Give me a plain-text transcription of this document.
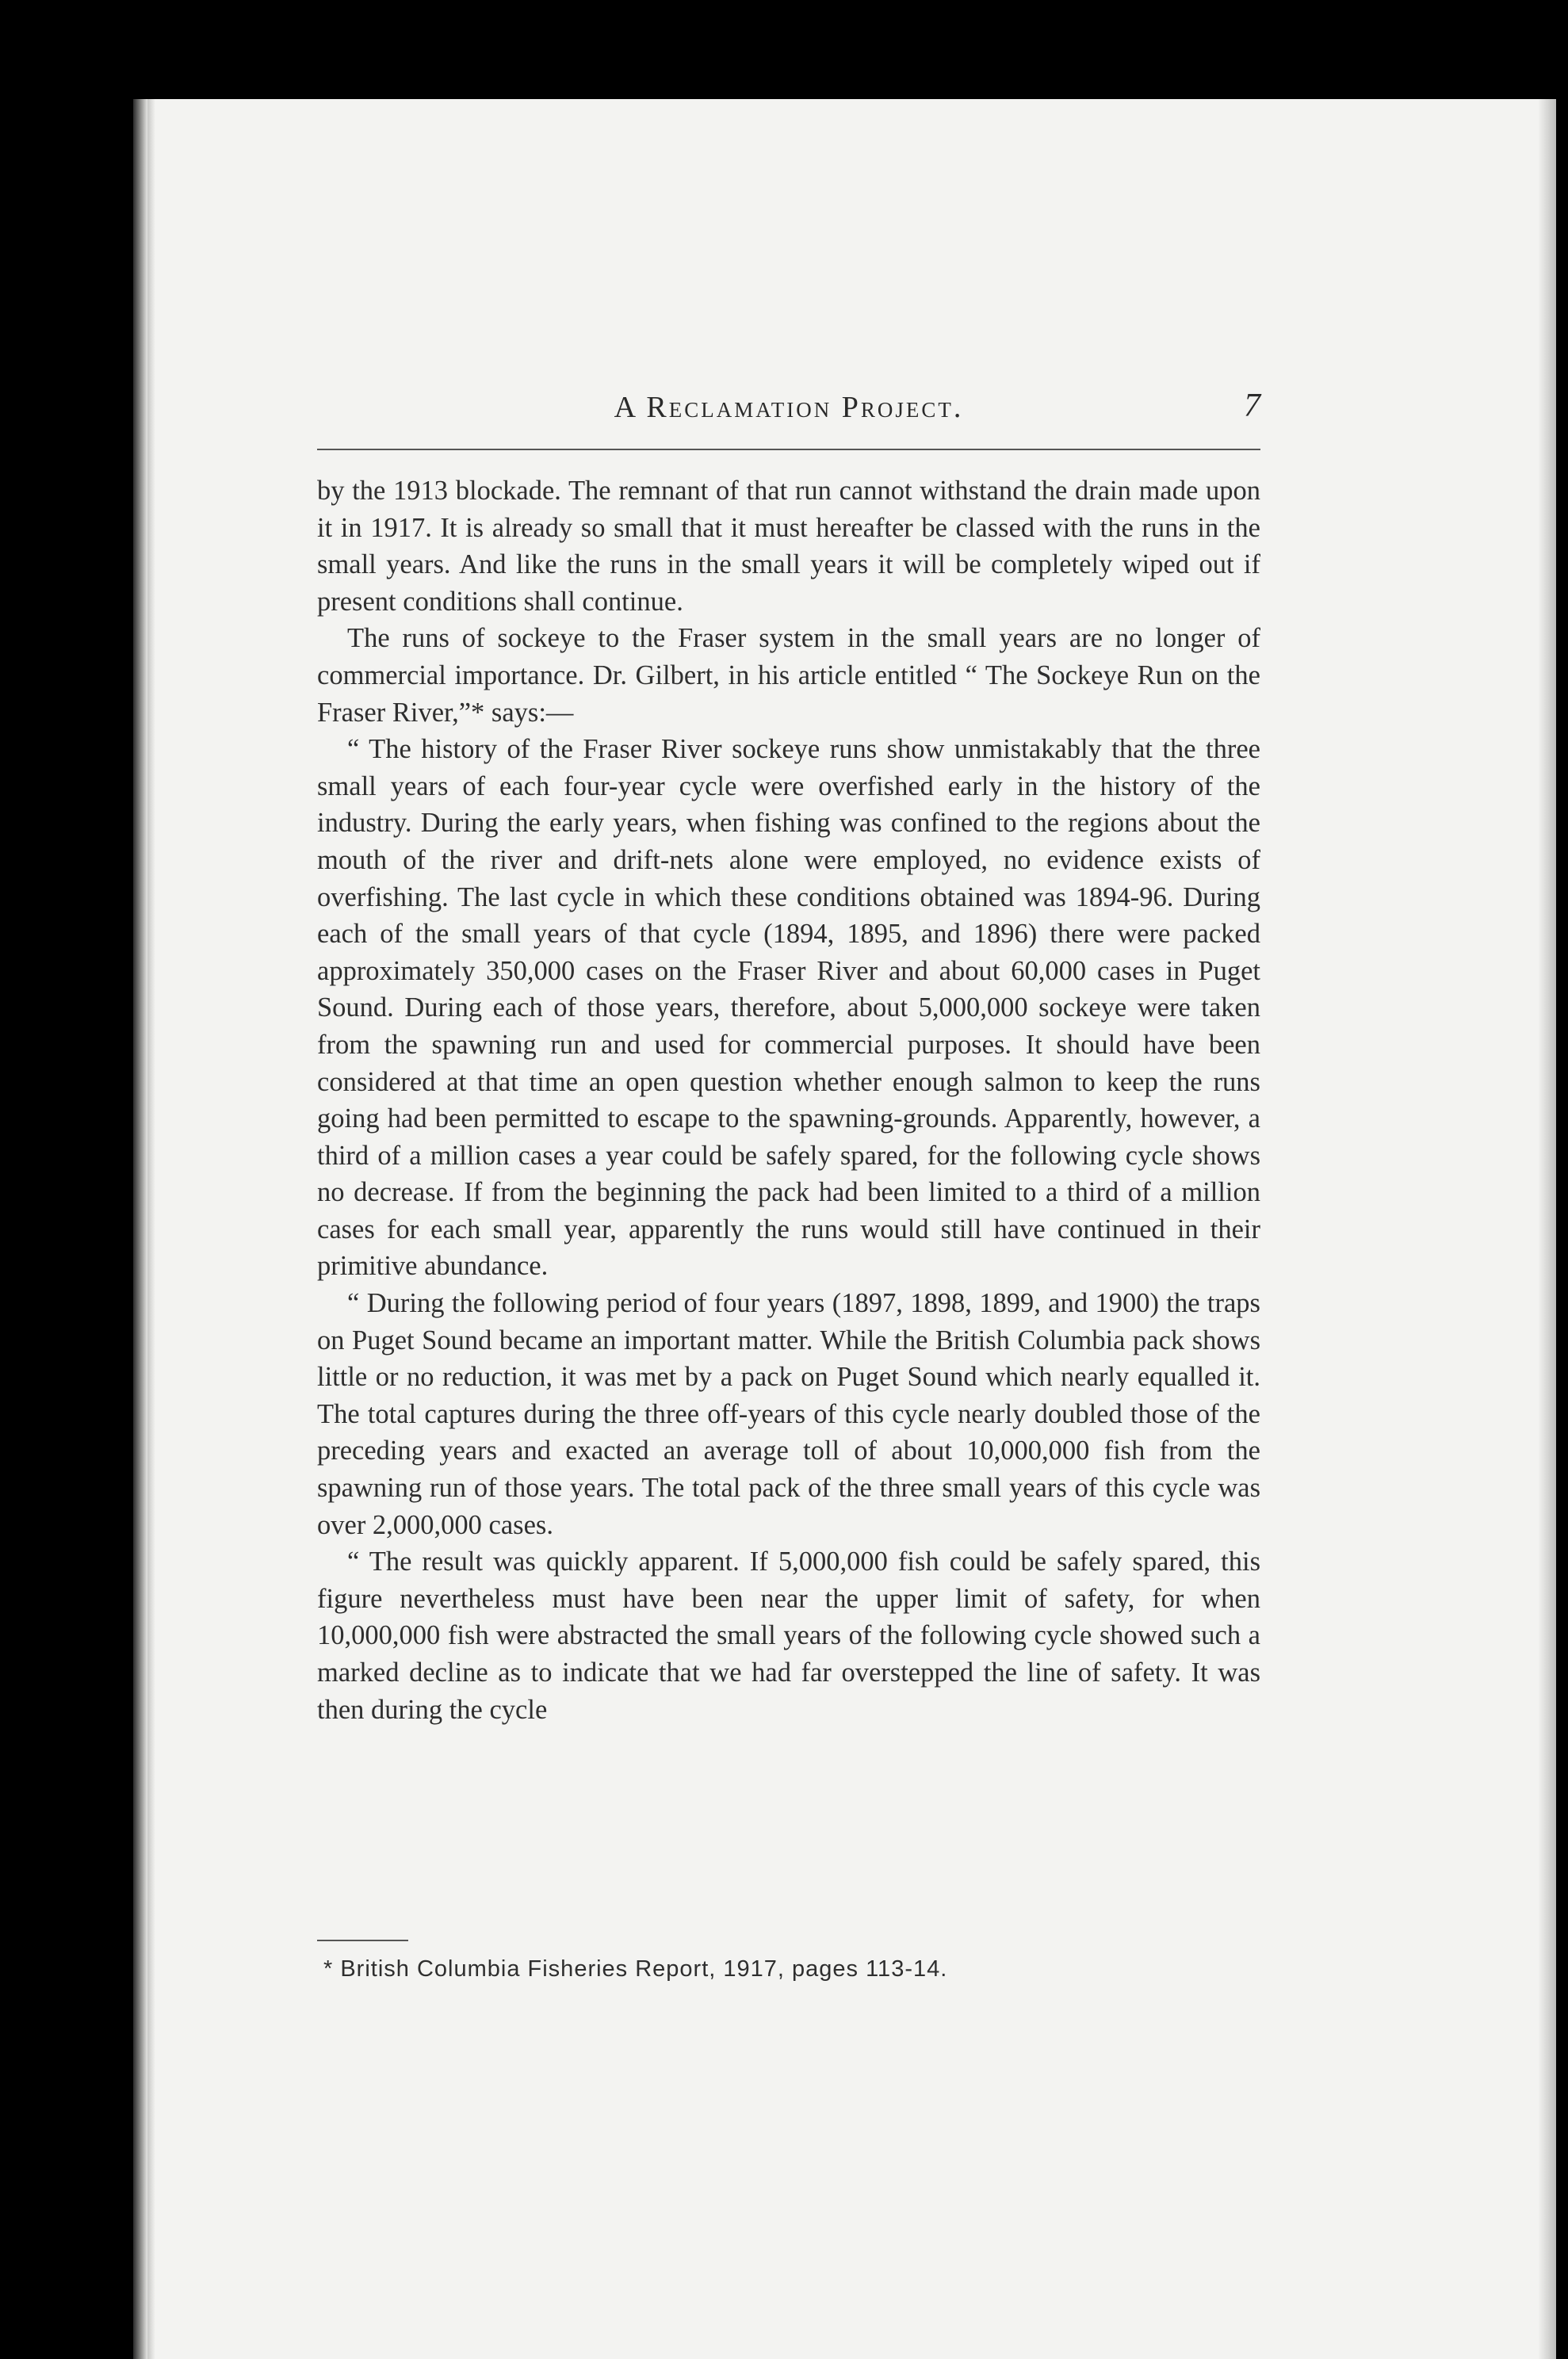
A Reclamation Project.	7

by the 1913 blockade. The remnant of that run cannot withstand the drain made upon it in 1917. It is already so small that it must hereafter be classed with the runs in the small years. And like the runs in the small years it will be completely wiped out if present conditions shall continue.

The runs of sockeye to the Fraser system in the small years are no longer of commercial importance. Dr. Gilbert, in his article entitled “ The Sockeye Run on the Fraser River,”* says:—

“ The history of the Fraser River sockeye runs show unmistakably that the three small years of each four-year cycle were overfished early in the history of the industry. During the early years, when fishing was confined to the regions about the mouth of the river and drift-nets alone were employed, no evidence exists of overfishing. The last cycle in which these conditions obtained was 1894-96. During each of the small years of that cycle (1894, 1895, and 1896) there were packed approximately 350,000 cases on the Fraser River and about 60,000 cases in Puget Sound. During each of those years, therefore, about 5,000,000 sockeye were taken from the spawning run and used for commercial purposes. It should have been considered at that time an open question whether enough salmon to keep the runs going had been permitted to escape to the spawning-grounds. Apparently, however, a third of a million cases a year could be safely spared, for the following cycle shows no decrease. If from the beginning the pack had been limited to a third of a million cases for each small year, apparently the runs would still have continued in their primitive abundance.

“ During the following period of four years (1897, 1898, 1899, and 1900) the traps on Puget Sound became an important matter. While the British Columbia pack shows little or no reduction, it was met by a pack on Puget Sound which nearly equalled it. The total captures during the three off-years of this cycle nearly doubled those of the preceding years and exacted an average toll of about 10,000,000 fish from the spawning run of those years. The total pack of the three small years of this cycle was over 2,000,000 cases.

“ The result was quickly apparent. If 5,000,000 fish could be safely spared, this figure nevertheless must have been near the upper limit of safety, for when 10,000,000 fish were abstracted the small years of the following cycle showed such a marked decline as to indicate that we had far overstepped the line of safety. It was then during the cycle

* British Columbia Fisheries Report, 1917, pages 113-14.
